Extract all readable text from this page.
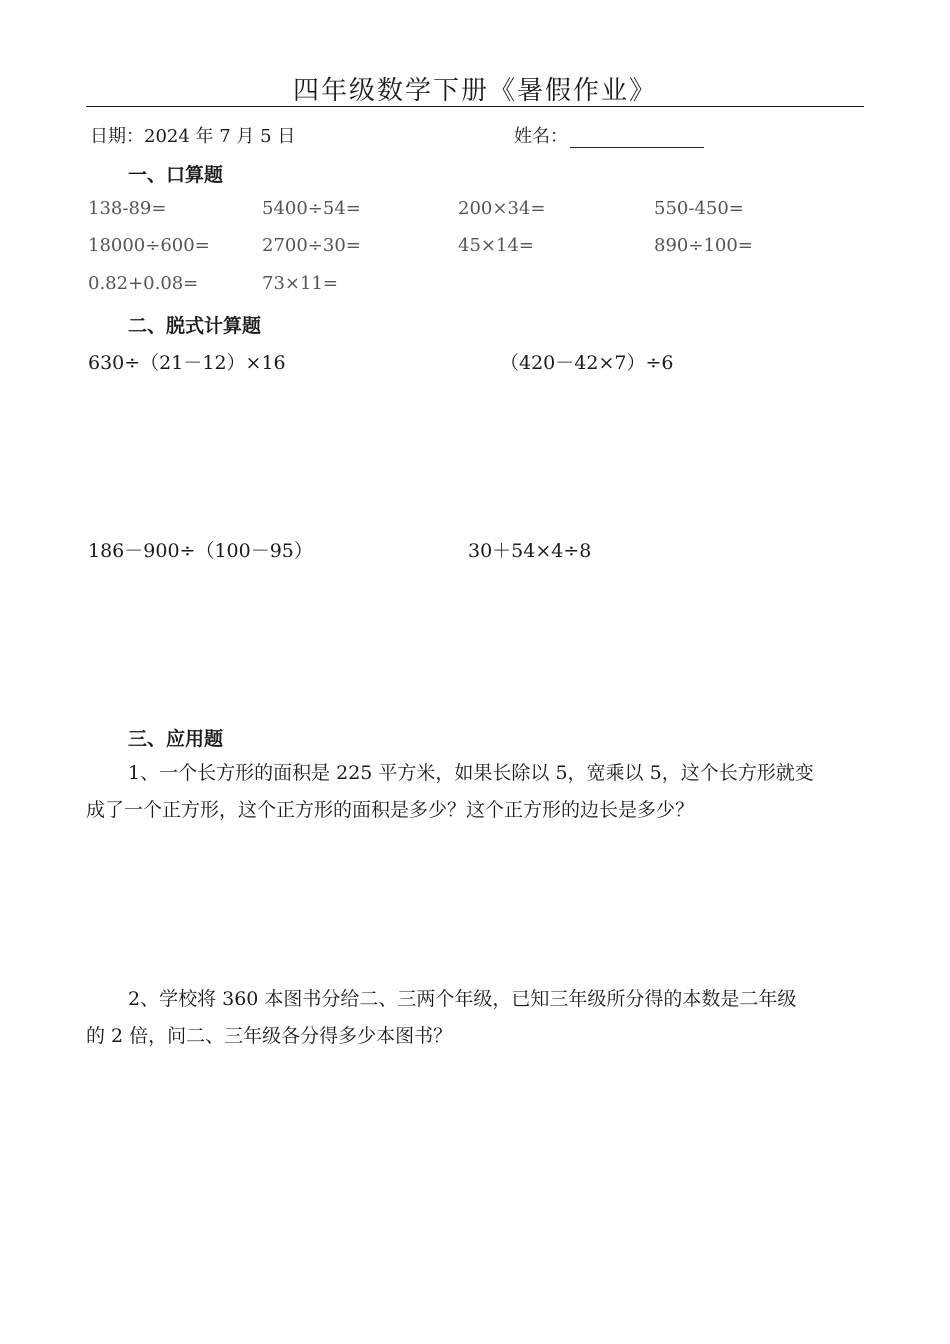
四年级数学下册《暑假作业》
日期：2024 年 7 月 5 日	姓名：
一、口算题
138-89=	5400÷54=	200×34=	550-450=
18000÷600=	2700÷30=	45×14=	890÷100=
0.82+0.08=	73×11=
二、脱式计算题
630÷（21－12）×16	（420－42×7）÷6
186－900÷（100－95）	30＋54×4÷8
三、应用题
1、一个长方形的面积是 225 平方米，如果长除以 5，宽乘以 5，这个长方形就变
成了一个正方形，这个正方形的面积是多少？这个正方形的边长是多少？
2、学校将 360 本图书分给二、三两个年级，已知三年级所分得的本数是二年级
的 2 倍，问二、三年级各分得多少本图书？
